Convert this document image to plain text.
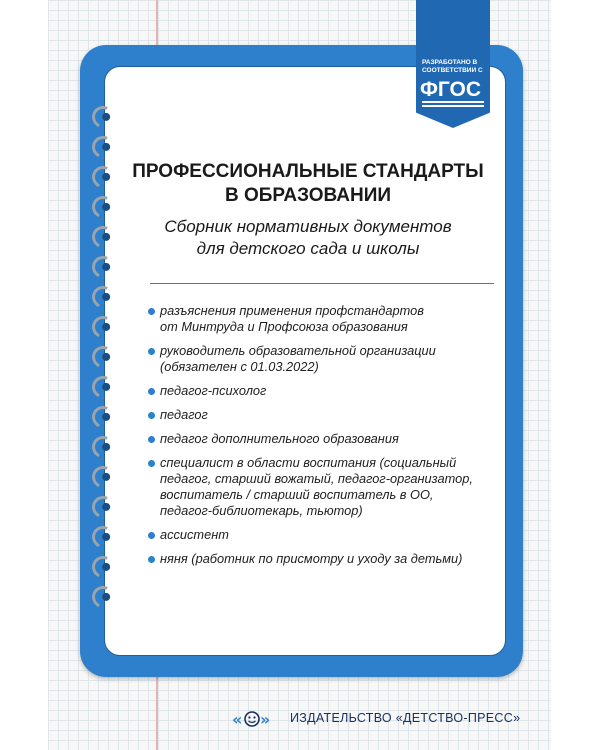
РАЗРАБОТАНО В СООТВЕТСТВИИ С
ФГОС
ПРОФЕССИОНАЛЬНЫЕ СТАНДАРТЫ
В ОБРАЗОВАНИИ
Сборник нормативных документов
для детского сада и школы
разъяснения применения профстандартов
от Минтруда и Профсоюза образования
руководитель образовательной организации
(обязателен с 01.03.2022)
педагог-психолог
педагог
педагог дополнительного образования
специалист в области воспитания (социальный
педагог, старший вожатый, педагог-организатор,
воспитатель / старший воспитатель в ОО,
педагог-библиотекарь, тьютор)
ассистент
няня (работник по присмотру и уходу за детьми)
« » ИЗДАТЕЛЬСТВО «ДЕТСТВО-ПРЕСС»
